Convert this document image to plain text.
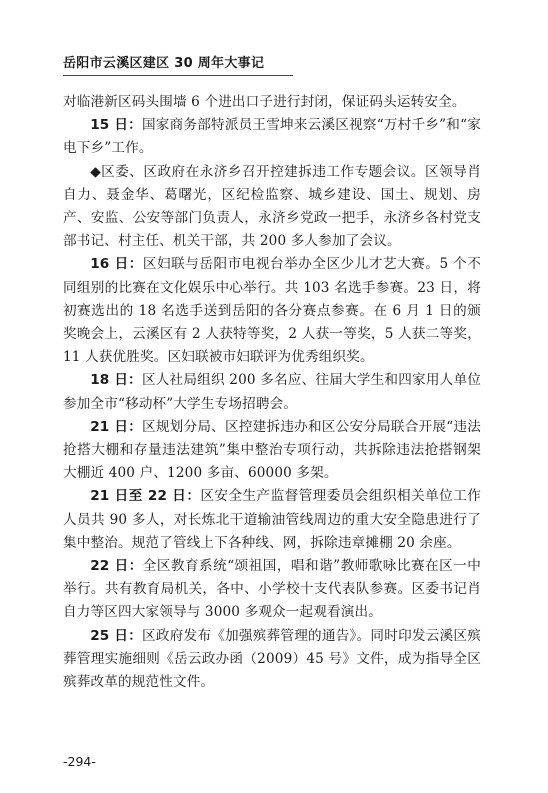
岳阳市云溪区建区 30 周年大事记

对临港新区码头围墙 6 个进出口子进行封闭，保证码头运转安全。

15 日：国家商务部特派员王雪坤来云溪区视察“万村千乡”和“家电下乡”工作。

◆区委、区政府在永济乡召开控建拆违工作专题会议。区领导肖自力、聂金华、葛曙光，区纪检监察、城乡建设、国土、规划、房产、安监、公安等部门负责人，永济乡党政一把手，永济乡各村党支部书记、村主任、机关干部，共 200 多人参加了会议。

16 日：区妇联与岳阳市电视台举办全区少儿才艺大赛。5 个不同组别的比赛在文化娱乐中心举行。共 103 名选手参赛。23 日，将初赛选出的 18 名选手送到岳阳的各分赛点参赛。在 6 月 1 日的颁奖晚会上，云溪区有 2 人获特等奖，2 人获一等奖，5 人获二等奖，11 人获优胜奖。区妇联被市妇联评为优秀组织奖。

18 日：区人社局组织 200 多名应、往届大学生和四家用人单位参加全市“移动杯”大学生专场招聘会。

21 日：区规划分局、区控建拆违办和区公安分局联合开展“违法抢搭大棚和存量违法建筑”集中整治专项行动，共拆除违法抢搭钢架大棚近 400 户、1200 多亩、60000 多架。

21 日至 22 日：区安全生产监督管理委员会组织相关单位工作人员共 90 多人，对长炼北干道输油管线周边的重大安全隐患进行了集中整治。规范了管线上下各种线、网，拆除违章摊棚 20 余座。

22 日：全区教育系统“颂祖国，唱和谐”教师歌咏比赛在区一中举行。共有教育局机关，各中、小学校十支代表队参赛。区委书记肖自力等区四大家领导与 3000 多观众一起观看演出。

25 日：区政府发布《加强殡葬管理的通告》。同时印发云溪区殡葬管理实施细则《岳云政办函（2009）45 号》文件，成为指导全区殡葬改革的规范性文件。

-294-
